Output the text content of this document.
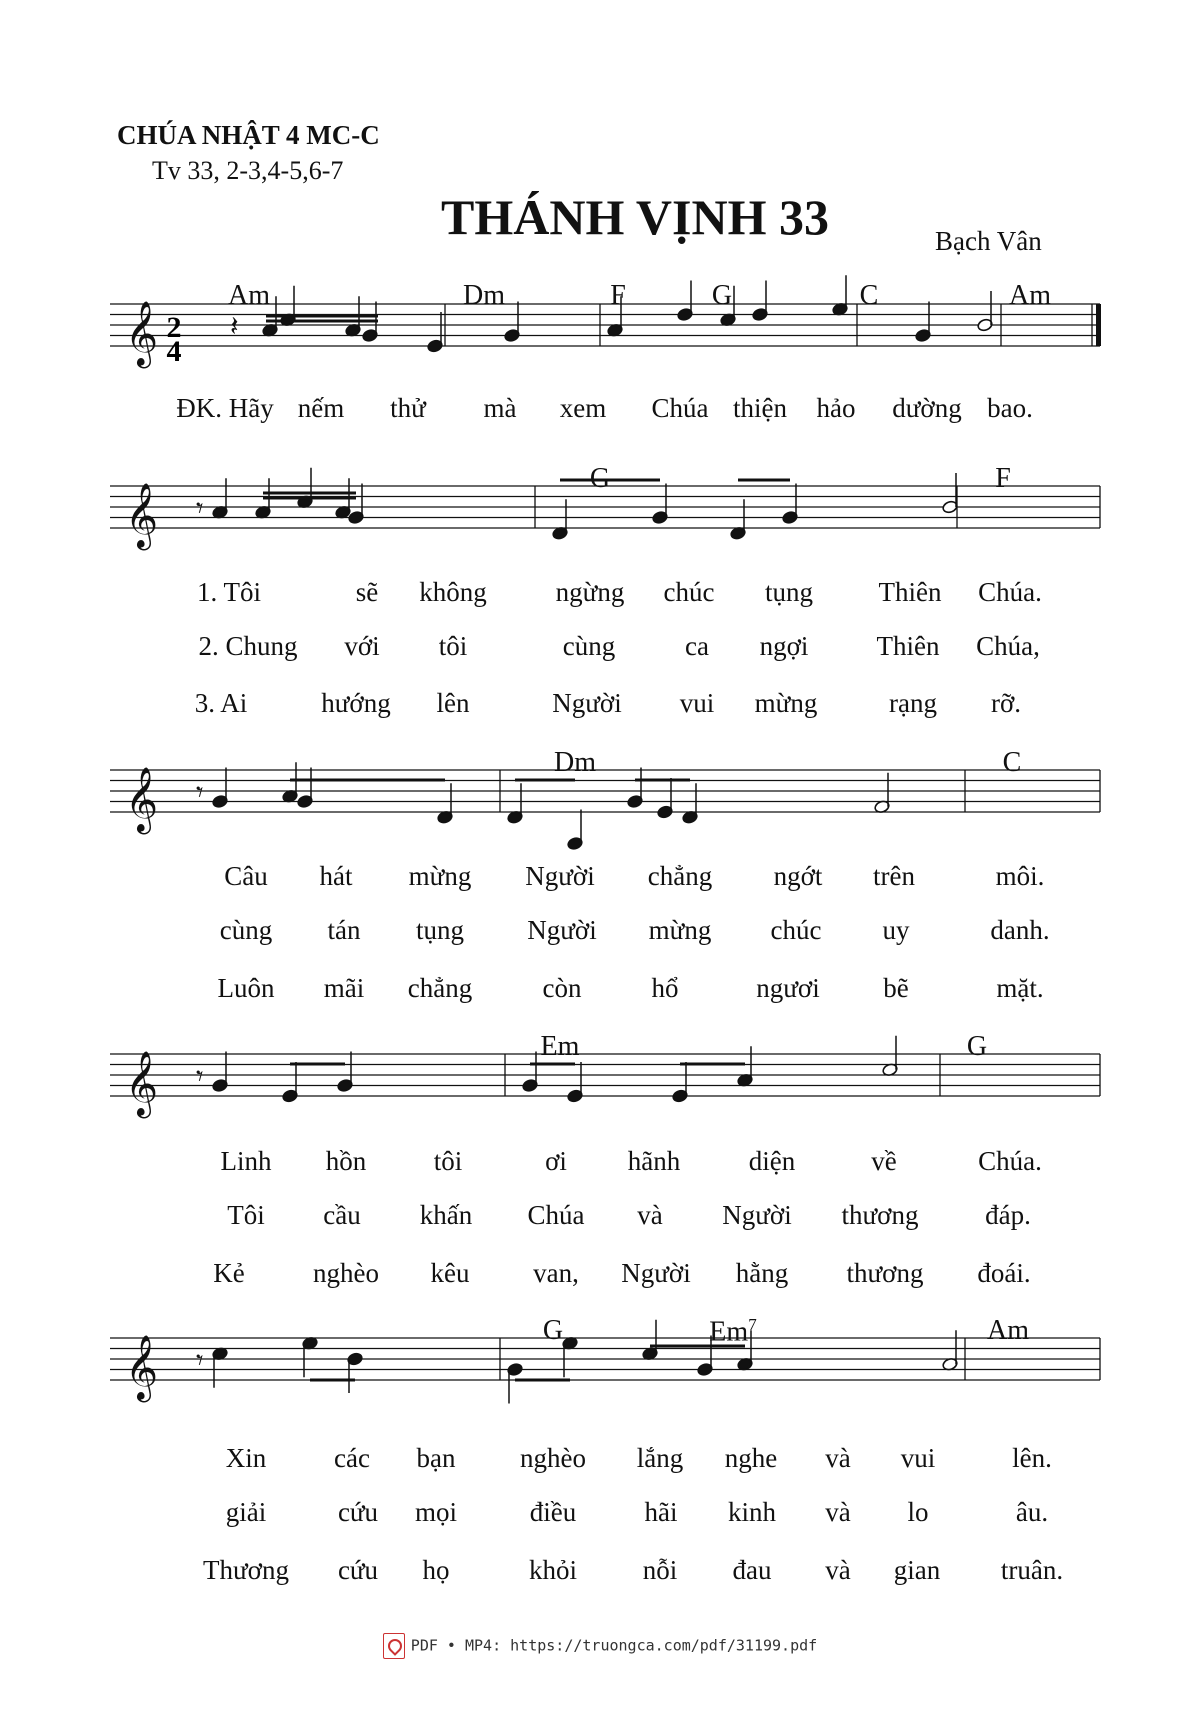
CHÚA NHẬT 4 MC-C
Tv 33, 2-3,4-5,6-7
THÁNH VỊNH 33	Bạch Vân
𝄞
𝄞
𝄞
𝄞
𝄞
𝄽
𝄾
𝄾
𝄾
𝄾
2
4
Am	Dm	F	G	C	Am
G	F
Dm	C
Em	G
G	Em$^7$	Am
ĐK. Hãy nếm thử mà xem Chúa thiện hảo dường bao.
1. Tôi	sẽ không	ngừng chúc tụng Thiên Chúa.
2. Chung với tôi	cùng	ca ngợi	Thiên Chúa,
3. Ai	hướng lên	Người vui mừng	rạng rỡ.
Câu hát mừng Người chẳng ngớt trên	môi.
cùng tán tụng Người mừng chúc uy	danh.
Luôn mãi chẳng	còn	hổ	ngươi bẽ	mặt.
Linh hồn tôi	ơi hãnh	diện	về	Chúa.
Tôi cầu khấn Chúa và Người thương đáp.
Kẻ	nghèo kêu van, Người hằng thương đoái.
Xin	các bạn nghèo lắng nghe và vui	lên.
giải	cứu mọi	điều	hãi kinh và lo	âu.
Thương cứu họ	khỏi nỗi đau và gian truân.
PDF • MP4: https://truongca.com/pdf/31199.pdf
